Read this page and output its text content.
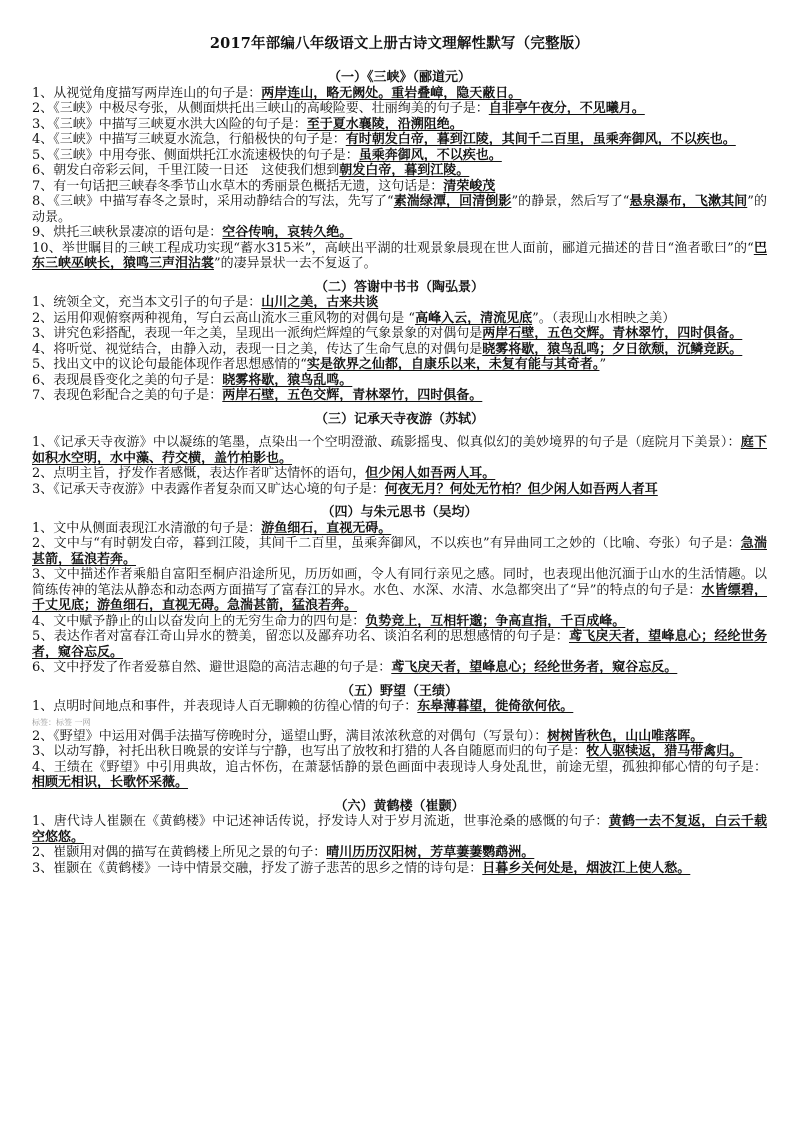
2017年部编八年级语文上册古诗文理解性默写（完整版）
（一）《三峡》（郦道元）

1、从视觉角度描写两岸连山的句子是：两岸连山，略无阙处。重岩叠嶂，隐天蔽日。

2、《三峡》中极尽夸张，从侧面烘托出三峡山的高峻险要、壮丽绚美的句子是：自非亭午夜分，不见曦月。

3、《三峡》中描写三峡夏水洪大凶险的句子是：至于夏水襄陵，沿溯阻绝。

4、《三峡》中描写三峡夏水流急，行船极快的句子是：有时朝发白帝，暮到江陵，其间千二百里，虽乘奔御风，不以疾也。

5、《三峡》中用夸张、侧面烘托江水流速极快的句子是：虽乘奔御风，不以疾也。

6、朝发白帝彩云间，千里江陵一日还　这使我们想到朝发白帝，暮到江陵。

7、有一句话把三峡春冬季节山水草木的秀丽景色概括无遗，这句话是：清荣峻茂

8、《三峡》中描写春冬之景时，采用动静结合的写法，先写了“素湍绿潭，回清倒影”的静景，然后写了“悬泉瀑布，飞漱其间”的动景。

9、烘托三峡秋景凄凉的语句是：空谷传响，哀转久绝。

10、举世瞩目的三峡工程成功实现“蓄水315米”，高峡出平湖的壮观景象晨现在世人面前，郦道元描述的昔日“渔者歌曰”的“巴东三峡巫峡长，猿鸣三声泪沾裳”的凄异景状一去不复返了。

（二）答谢中书书（陶弘景）

1、统领全文，充当本文引子的句子是：山川之美，古来共谈

2、运用仰观俯察两种视角，写白云高山流水三重风物的对偶句是 “高峰入云，清流见底”。（表现山水相映之美）

3、讲究色彩搭配，表现一年之美，呈现出一派绚烂辉煌的气象景象的对偶句是两岸石壁，五色交辉。青林翠竹，四时俱备。

4、将听觉、视觉结合，由静入动，表现一日之美，传达了生命气息的对偶句是晓雾将歇，猿鸟乱鸣；夕日欲颓，沉鳞竞跃。

5、找出文中的议论句最能体现作者思想感情的“实是欲界之仙都，自康乐以来，未复有能与其奇者。”

6、表现晨昏变化之美的句子是：晓雾将歇，猿鸟乱鸣。

7、表现色彩配合之美的句子是：两岸石壁，五色交辉，青林翠竹，四时俱备。

（三）记承天寺夜游（苏轼）

1、《记承天寺夜游》中以凝练的笔墨，点染出一个空明澄澈、疏影摇曳、似真似幻的美妙境界的句子是（庭院月下美景）：庭下如积水空明，水中藻、荇交横，盖竹柏影也。

2、点明主旨，抒发作者感慨，表达作者旷达情怀的语句，但少闲人如吾两人耳。

3、《记承天寺夜游》中表露作者复杂而又旷达心境的句子是：何夜无月？何处无竹柏？但少闲人如吾两人者耳

（四）与朱元思书（吴均）

1、文中从侧面表现江水清澈的句子是：游鱼细石，直视无碍。

2、文中与“有时朝发白帝，暮到江陵，其间千二百里，虽乘奔御风，不以疾也”有异曲同工之妙的（比喻、夸张）句子是：急湍甚箭，猛浪若奔。

3、文中描述作者乘船自富阳至桐庐沿途所见，历历如画，令人有同行亲见之感。同时，也表现出他沉湎于山水的生活情趣。以简练传神的笔法从静态和动态两方面描写了富春江的异水。水色、水深、水清、水急都突出了“异”的特点的句子是：水皆缥碧，千丈见底；游鱼细石，直视无碍。急湍甚箭，猛浪若奔。

4、文中赋予静止的山以奋发向上的无穷生命力的四句是：负势竞上，互相轩邈；争高直指，千百成峰。

5、表达作者对富春江奇山异水的赞美，留恋以及鄙弃功名、谈泊名利的思想感情的句子是：鸢飞戾天者，望峰息心；经纶世务者，窥谷忘反。

6、文中抒发了作者爱慕自然、避世退隐的高洁志趣的句子是：鸢飞戾天者，望峰息心；经纶世务者，窥谷忘反。

（五）野望（王绩）

1、点明时间地点和事件，并表现诗人百无聊赖的彷徨心情的句子：东皋薄暮望，徙倚欲何依。

标签：标签 一网

2、《野望》中运用对偶手法描写傍晚时分，遥望山野，满目浓浓秋意的对偶句（写景句）：树树皆秋色，山山唯落晖。

3、以动写静，衬托出秋日晚景的安详与宁静，也写出了放牧和打猎的人各自随愿而归的句子是：牧人驱犊返，猎马带禽归。

4、王绩在《野望》中引用典故，追古怀伤，在萧瑟恬静的景色画面中表现诗人身处乱世，前途无望，孤独抑郁心情的句子是：相顾无相识，长歌怀采薇。

（六）黄鹤楼（崔颢）

1、唐代诗人崔颢在《黄鹤楼》中记述神话传说，抒发诗人对于岁月流逝，世事沧桑的感慨的句子：黄鹤一去不复返，白云千载空悠悠。

2、崔颢用对偶的描写在黄鹤楼上所见之景的句子：晴川历历汉阳树，芳草萋萋鹦鹉洲。

3、崔颢在《黄鹤楼》一诗中情景交融，抒发了游子悲苦的思乡之情的诗句是：日暮乡关何处是，烟波江上使人愁。
